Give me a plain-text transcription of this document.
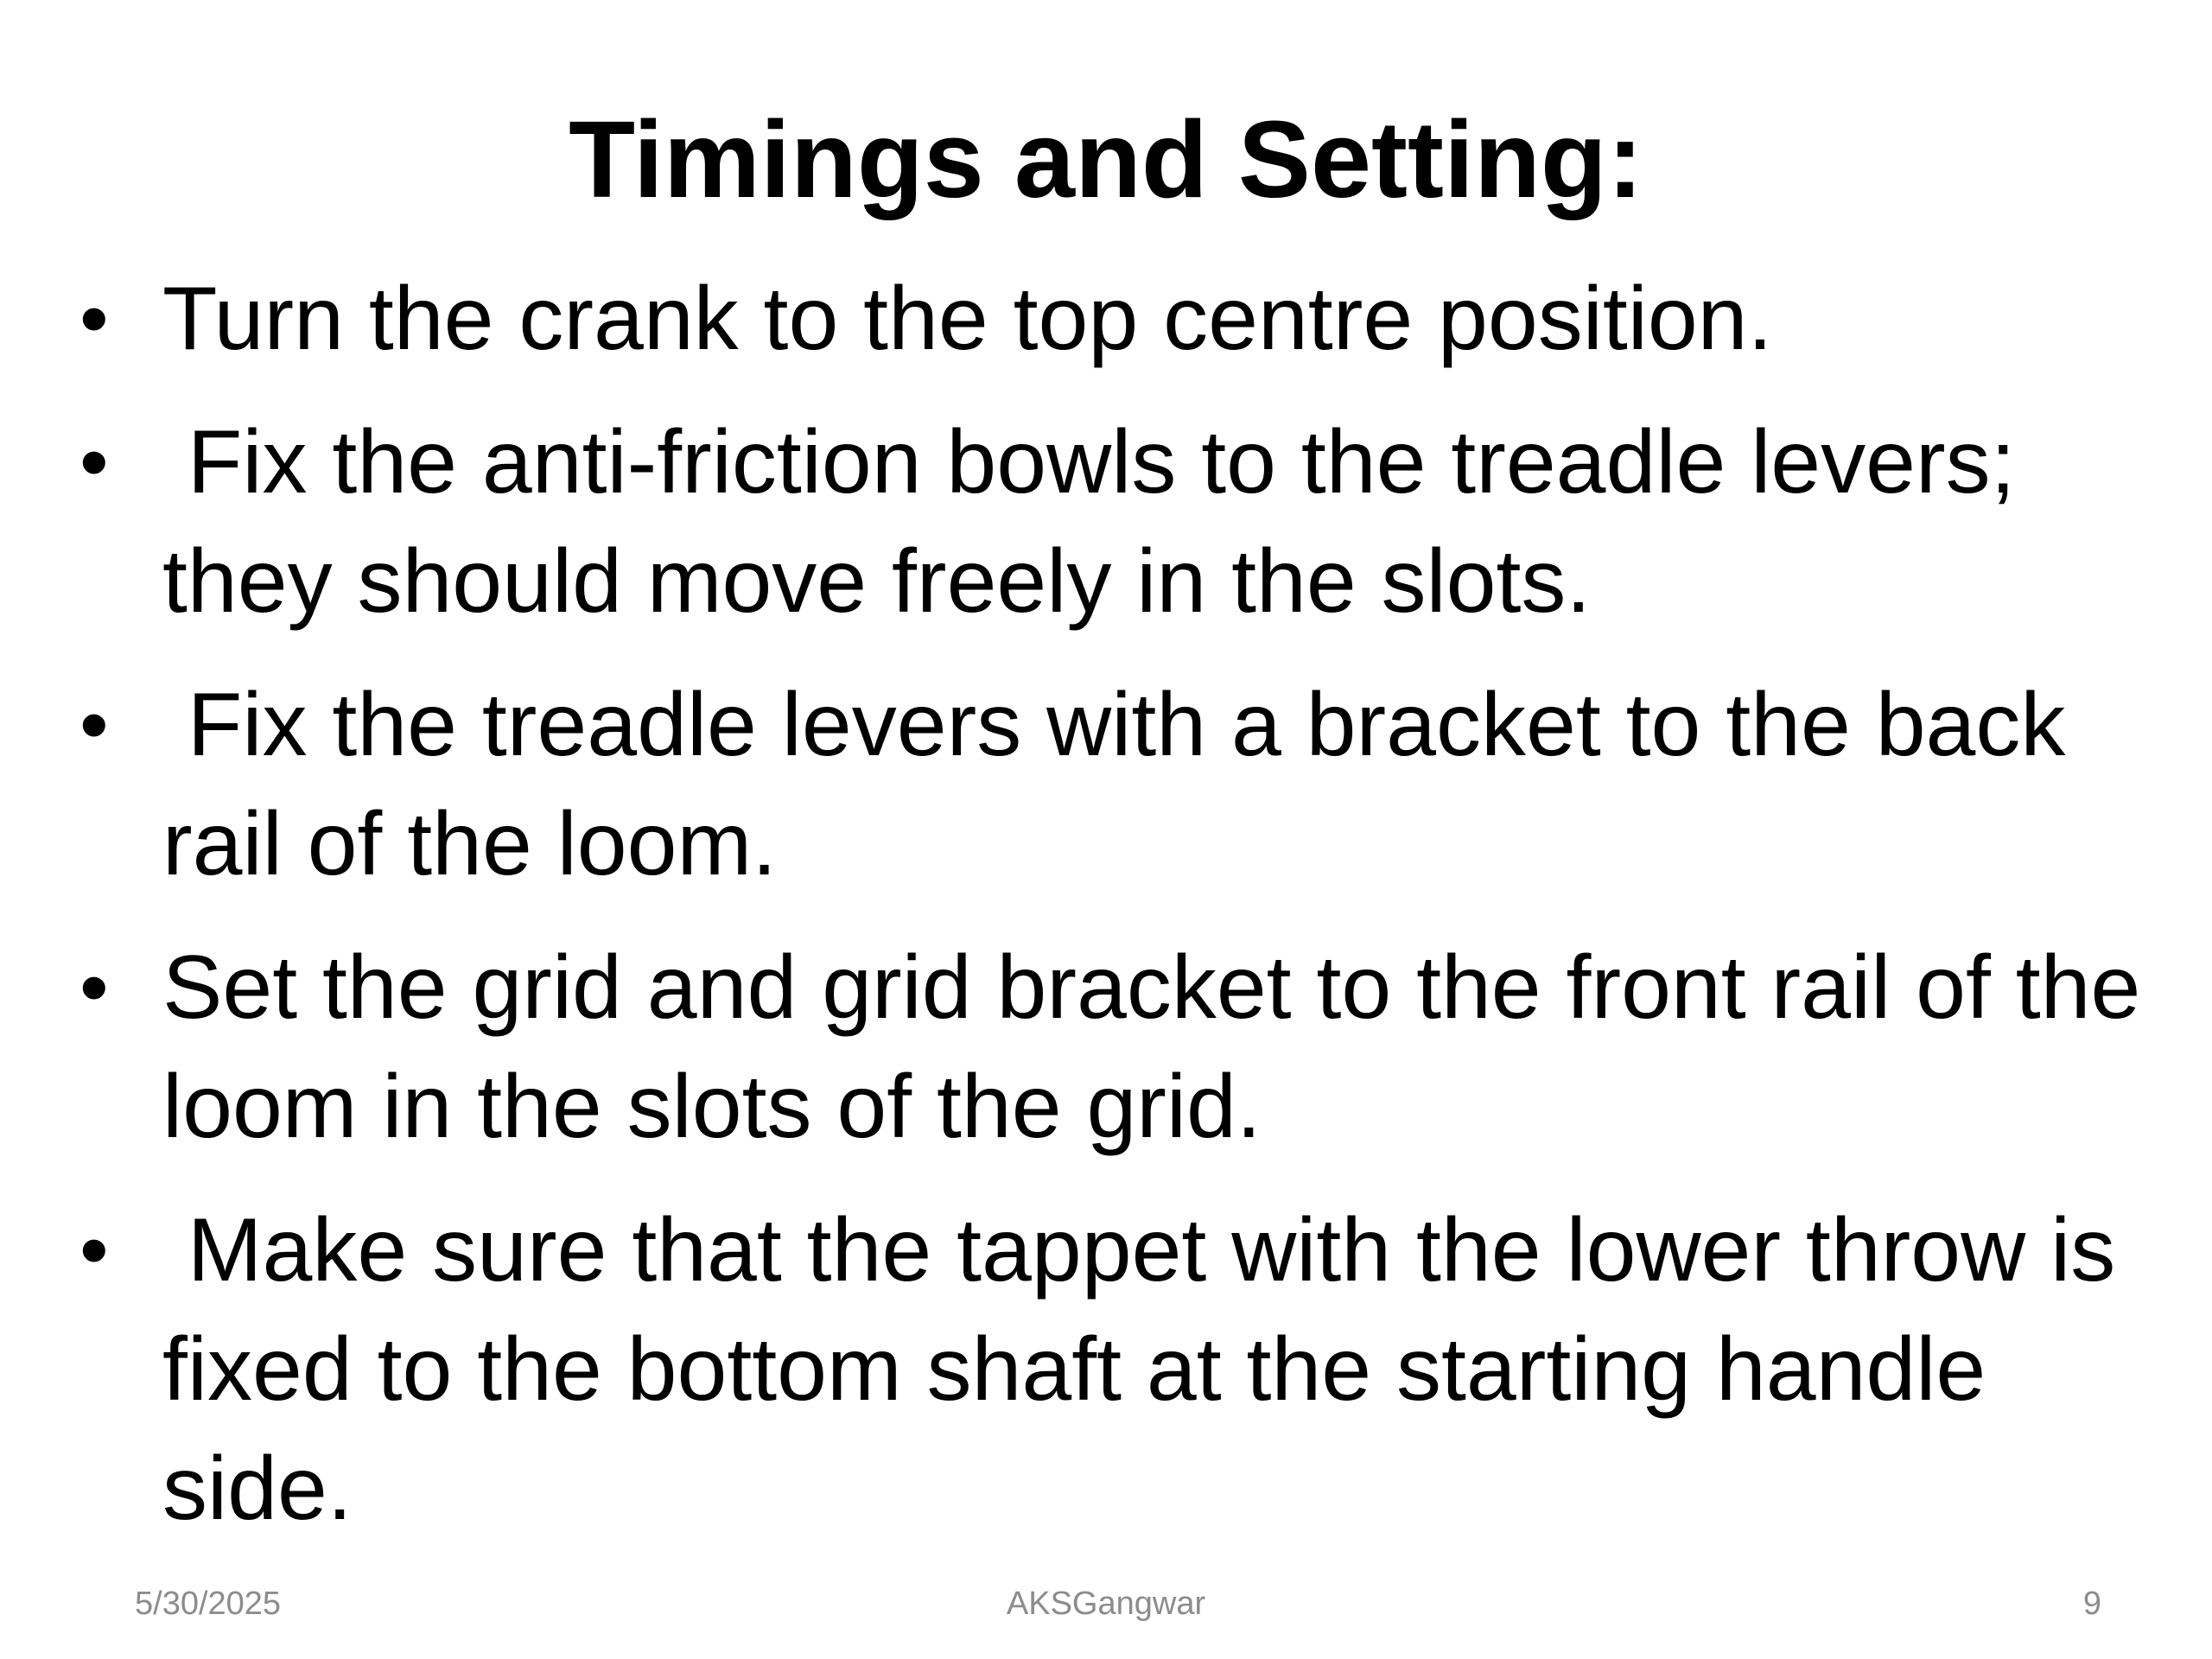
Timings and Setting:
• Turn the crank to the top centre position.
• Fix the anti-friction bowls to the treadle levers; they should move freely in the slots.
• Fix the treadle levers with a bracket to the back rail of the loom.
• Set the grid and grid bracket to the front rail of the loom in the slots of the grid.
• Make sure that the tappet with the lower throw is fixed to the bottom shaft at the starting handle side.
5/30/2025	AKSGangwar	9
